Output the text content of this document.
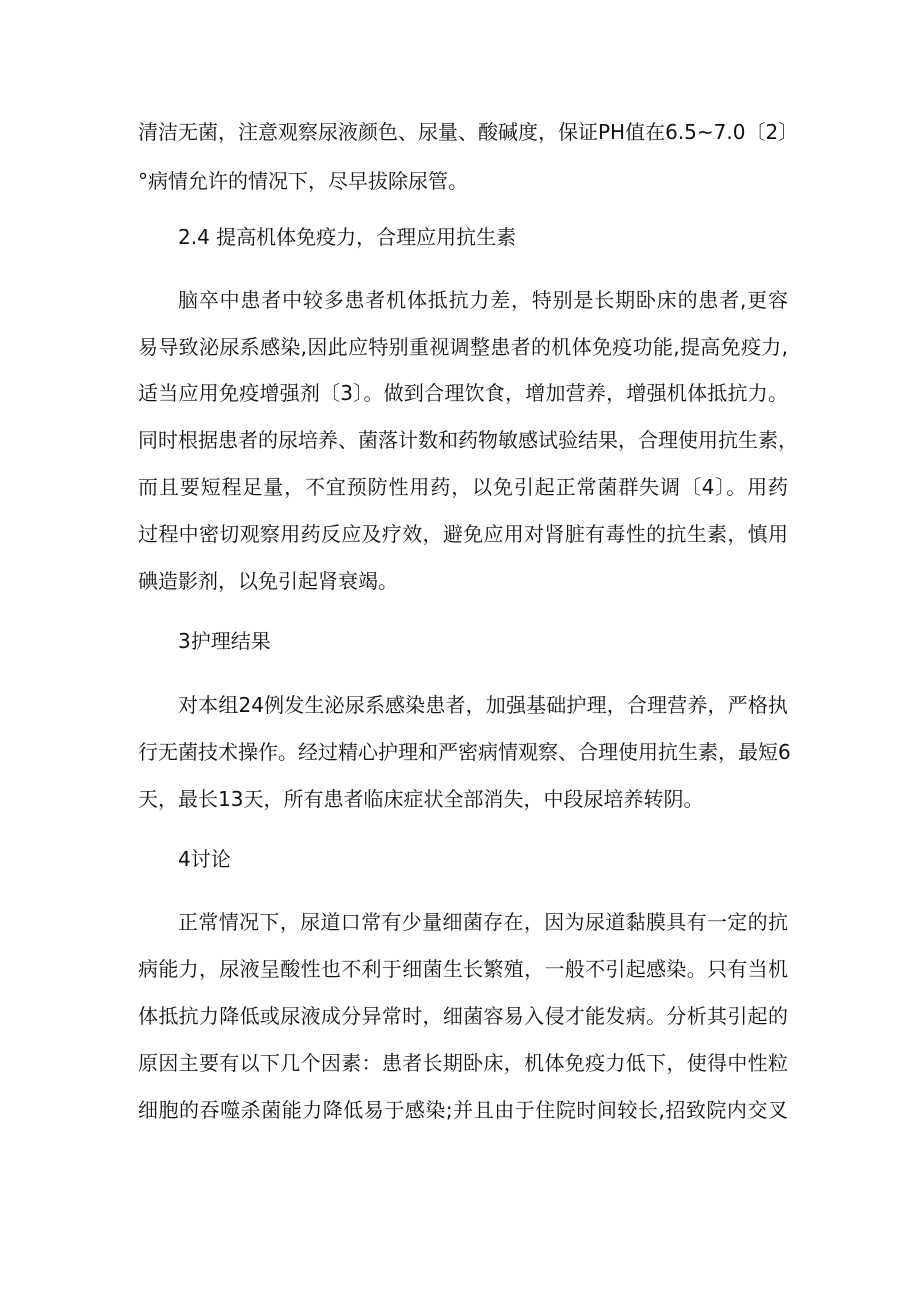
清洁无菌，注意观察尿液颜色、尿量、酸碱度，保证PH值在6.5~7.0〔2〕
°病情允许的情况下，尽早拔除尿管。
2.4 提高机体免疫力，合理应用抗生素
脑卒中患者中较多患者机体抵抗力差，特别是长期卧床的患者,更容
易导致泌尿系感染,因此应特别重视调整患者的机体免疫功能,提高免疫力,
适当应用免疫增强剂〔3〕。做到合理饮食，增加营养，增强机体抵抗力。
同时根据患者的尿培养、菌落计数和药物敏感试验结果，合理使用抗生素，
而且要短程足量，不宜预防性用药，以免引起正常菌群失调〔4〕。用药
过程中密切观察用药反应及疗效，避免应用对肾脏有毒性的抗生素，慎用
碘造影剂，以免引起肾衰竭。
3护理结果
对本组24例发生泌尿系感染患者，加强基础护理，合理营养，严格执
行无菌技术操作。经过精心护理和严密病情观察、合理使用抗生素，最短6
天，最长13天，所有患者临床症状全部消失，中段尿培养转阴。
4讨论
正常情况下，尿道口常有少量细菌存在，因为尿道黏膜具有一定的抗
病能力，尿液呈酸性也不利于细菌生长繁殖，一般不引起感染。只有当机
体抵抗力降低或尿液成分异常时，细菌容易入侵才能发病。分析其引起的
原因主要有以下几个因素：患者长期卧床，机体免疫力低下，使得中性粒
细胞的吞噬杀菌能力降低易于感染;并且由于住院时间较长,招致院内交叉
